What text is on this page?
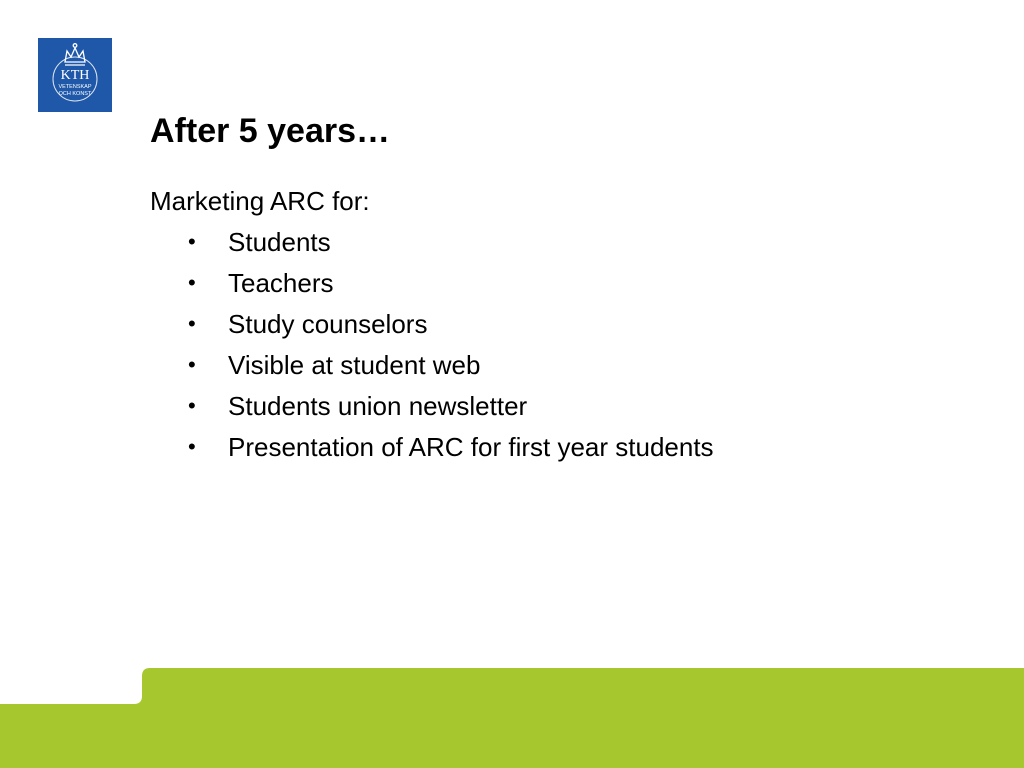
KTH
VETENSKAP
OCH KONST
After 5 years…

Marketing ARC for:

• Students
• Teachers
• Study counselors
• Visible at student web
• Students union newsletter
• Presentation of ARC for first year students
